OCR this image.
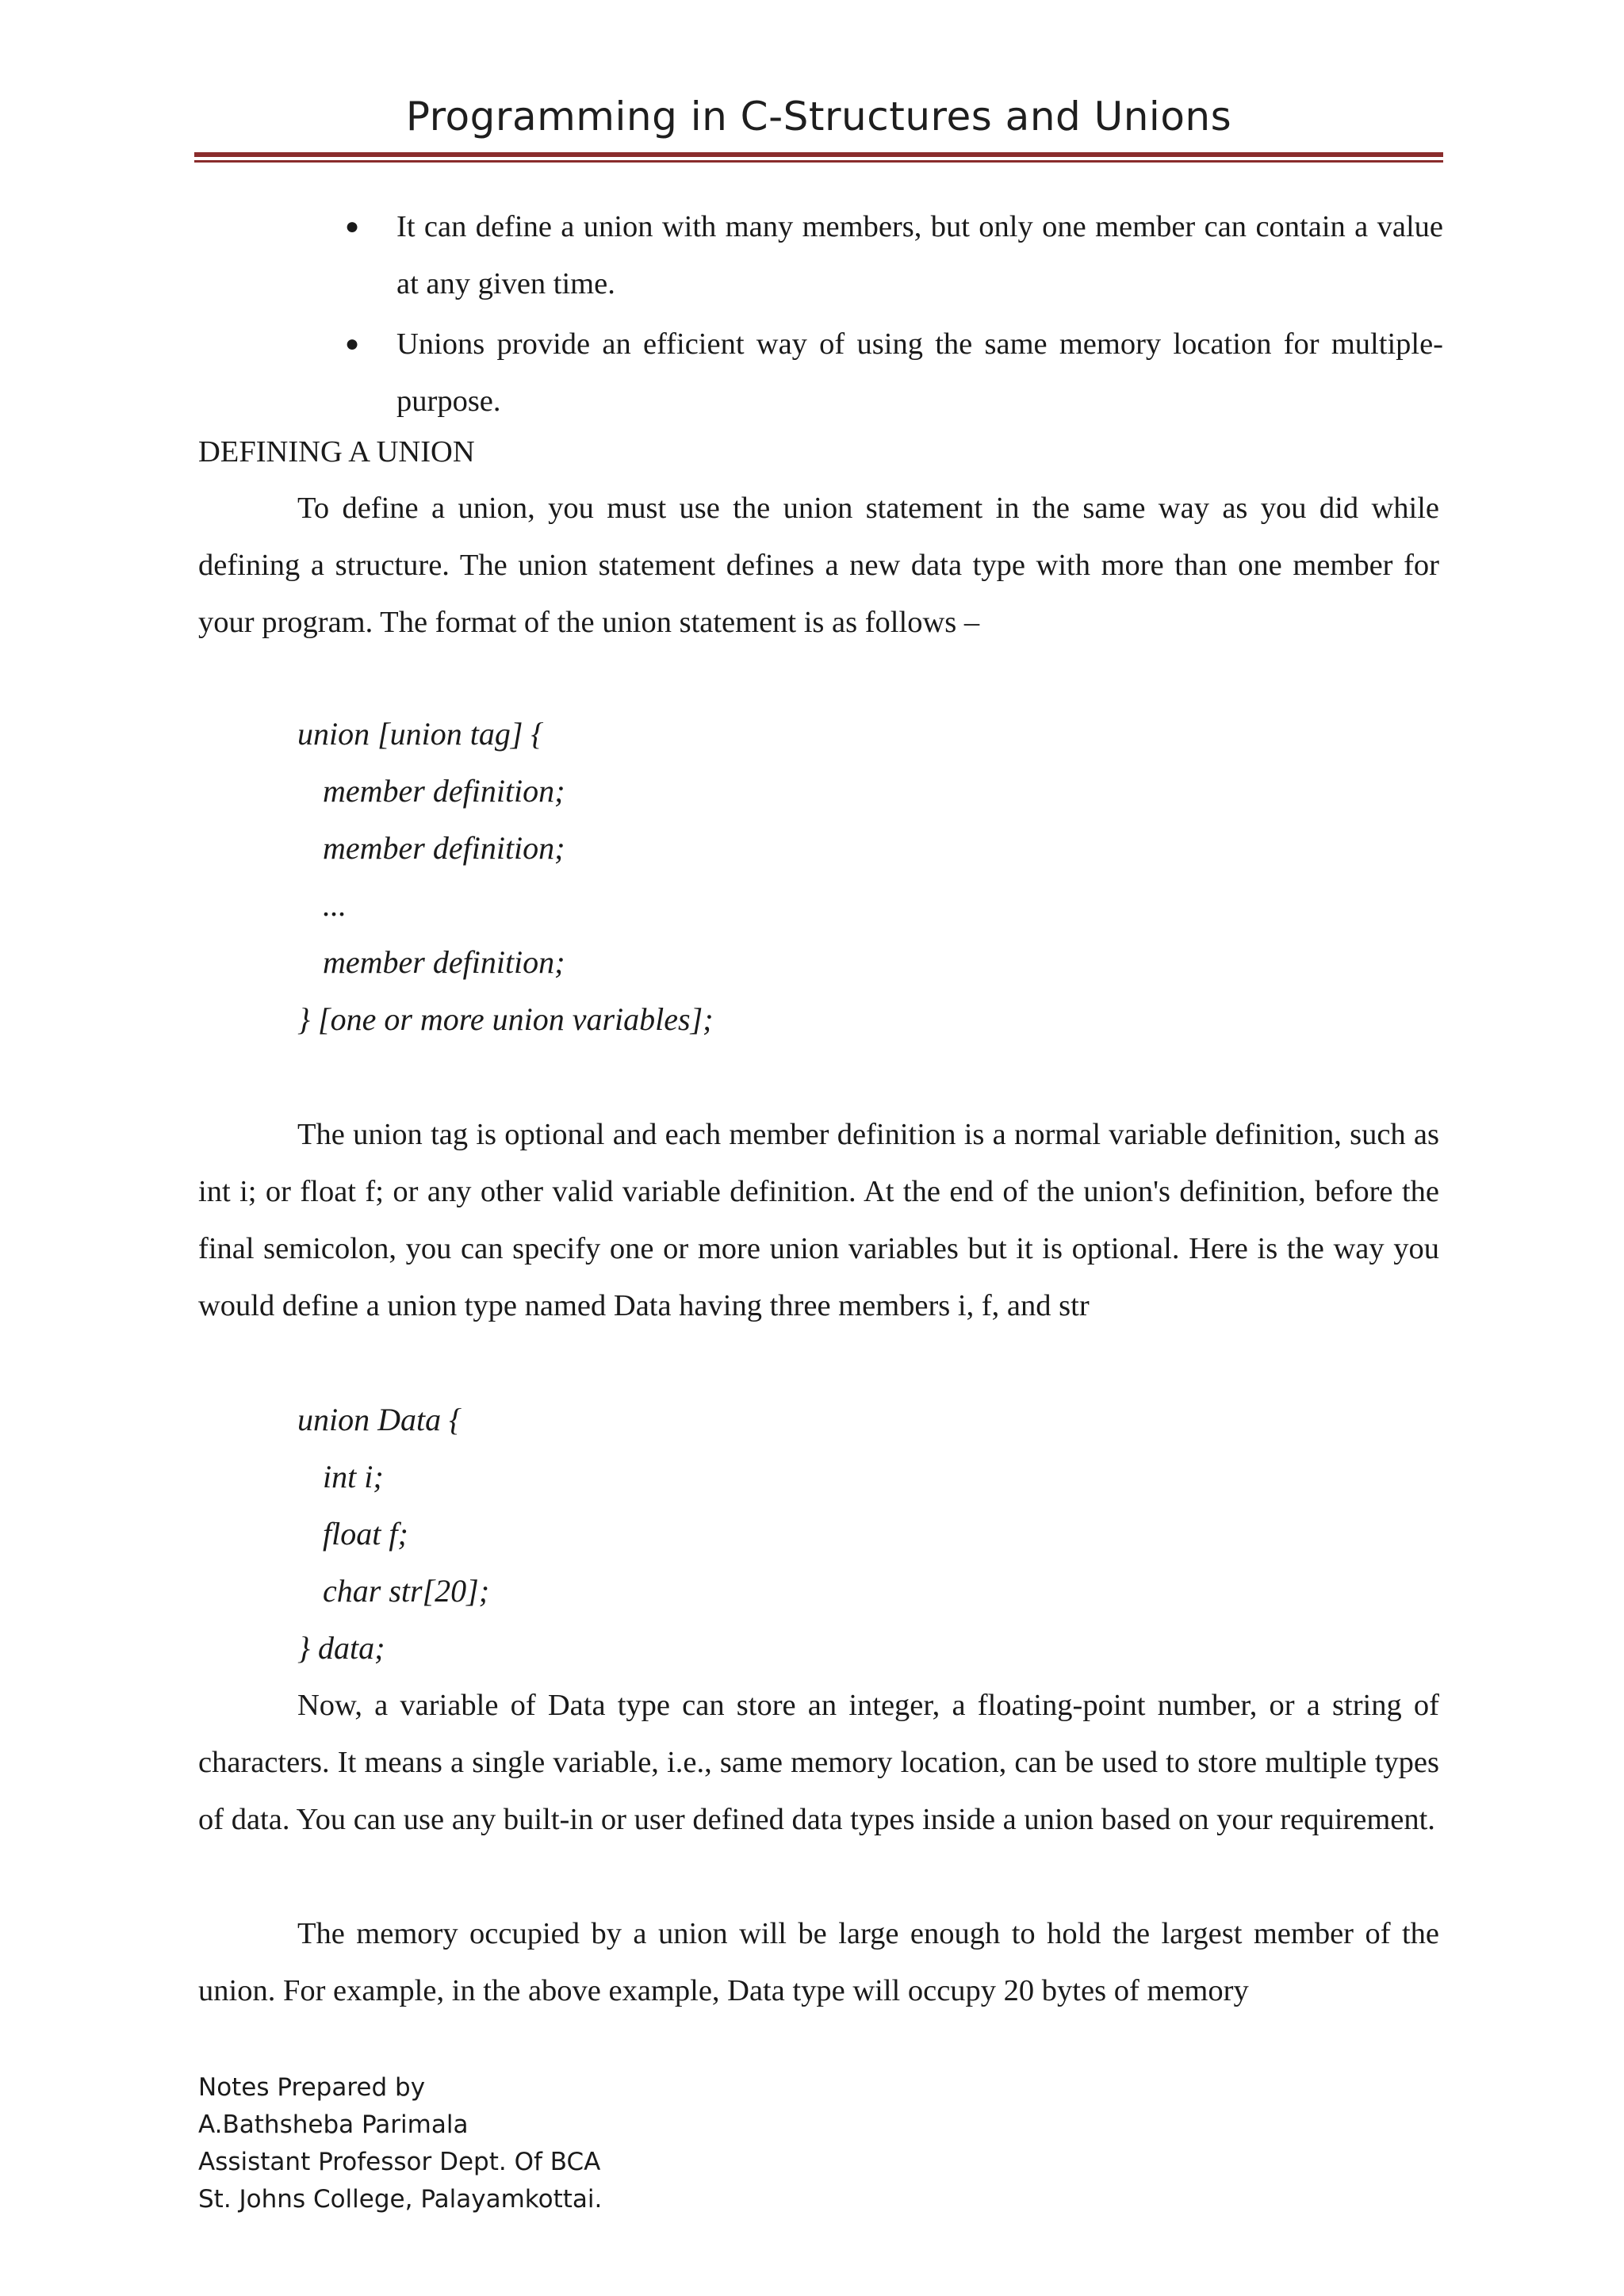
Programming in C-Structures and Unions
● It can define a union with many members, but only one member can contain a value at any given time.
● Unions provide an efficient way of using the same memory location for multiple-purpose.
DEFINING A UNION
To define a union, you must use the union statement in the same way as you did while defining a structure. The union statement defines a new data type with more than one member for your program. The format of the union statement is as follows –
union [union tag] {
member definition;
member definition;
...
member definition;
} [one or more union variables];
The union tag is optional and each member definition is a normal variable definition, such as int i; or float f; or any other valid variable definition. At the end of the union's definition, before the final semicolon, you can specify one or more union variables but it is optional. Here is the way you would define a union type named Data having three members i, f, and str
union Data {
int i;
float f;
char str[20];
} data;
Now, a variable of Data type can store an integer, a floating-point number, or a string of characters. It means a single variable, i.e., same memory location, can be used to store multiple types of data. You can use any built-in or user defined data types inside a union based on your requirement.
The memory occupied by a union will be large enough to hold the largest member of the union. For example, in the above example, Data type will occupy 20 bytes of memory
Notes Prepared by
A.Bathsheba Parimala
Assistant Professor Dept. Of BCA
St. Johns College, Palayamkottai.
